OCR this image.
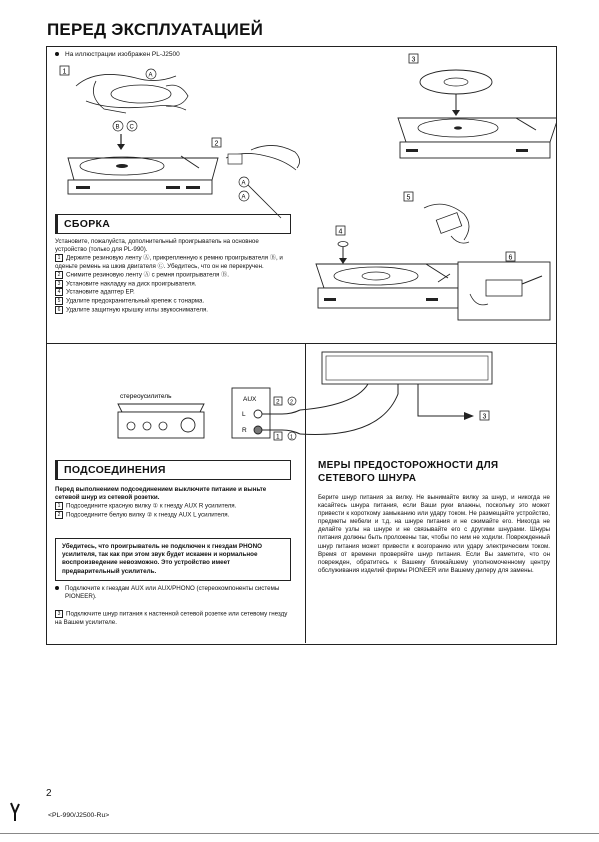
ПЕРЕД ЭКСПЛУАТАЦИЕЙ
На иллюстрации изображен PL-J2500
1
B C
A
2
A
A
3
5
4
6
СБОРКА

Установите, пожалуйста, дополнительный проигрыватель на основное устройство (только для PL-990).

1 Держите резиновую ленту Ⓐ, прикрепленную к ремню проигрывателя Ⓑ, и оденьте ремень на шкив двигателя Ⓒ. Убедитесь, что он не перекручен.

2 Снимите резиновую ленту Ⓐ с ремня проигрывателя Ⓑ.

3 Установите накладку на диск проигрывателя.

4 Установите адаптер EP.

5 Удалите предохранительный крепеж с тонарма.

6 Удалите защитную крышку иглы звукоснимателя.

стереоусилитель	AUX
L
R
2 2
1 1
3
ПОДСОЕДИНЕНИЯ

Перед выполнением подсоединением выключите питание и выньте сетевой шнур из сетевой розетки.

1 Подсоедините красную вилку ① к гнезду AUX R усилителя.

2 Подсоедините белую вилку ② к гнезду AUX L усилителя.

Убедитесь, что проигрыватель не подключен к гнездам PHONO усилителя, так как при этом звук будет искажен и нормальное воспроизведение невозможно. Это устройство имеет предварительный усилитель.

Подключите к гнездам AUX или AUX/PHONO (стереокомпоненты системы PIONEER).

3 Подключите шнур питания к настенной сетевой розетке или сетевому гнезду на Вашем усилителе.

МЕРЫ ПРЕДОСТОРОЖНОСТИ ДЛЯ СЕТЕВОГО ШНУРА
Берите шнур питания за вилку. Не вынимайте вилку за шнур, и никогда не касайтесь шнура питания, если Ваши руки влажны, поскольку это может привести к короткому замыканию или удару током. Не размещайте устройство, предметы мебели и т.д. на шнуре питания и не сжимайте его. Никогда не делайте узлы на шнуре и не связывайте его с другими шнурами. Шнуры питания должны быть проложены так, чтобы по ним не ходили. Поврежденный шнур питания может привести к возгоранию или удару электрическим током. Время от времени проверяйте шнур питания. Если Вы заметите, что он поврежден, обратитесь к Вашему ближайшему уполномоченному центру обслуживания изделий фирмы PIONEER или Вашему дилеру для замены.
2
<PL-990/J2500-Ru>
